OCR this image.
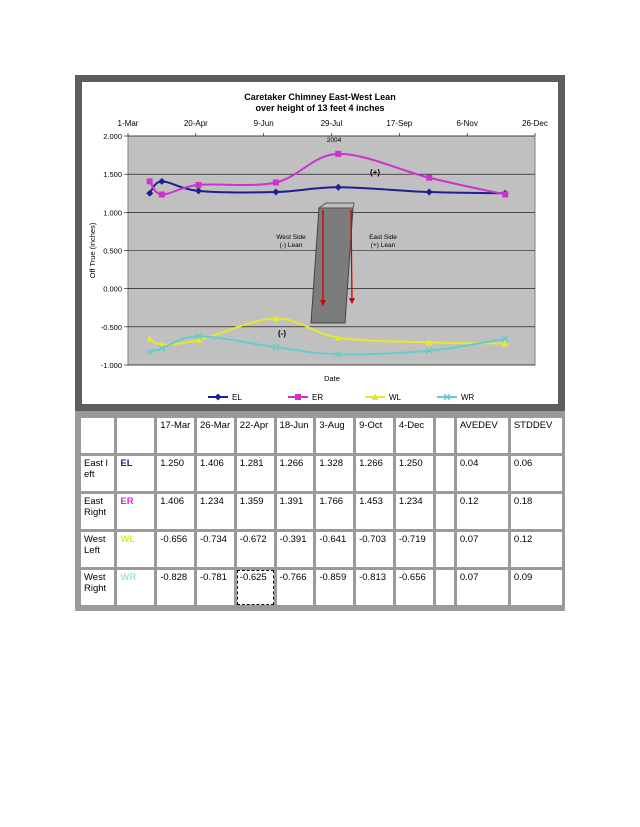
2.000
1.500
1.000
0.500
0.000
-0.500
-1.000
1-Mar	20-Apr	9-Jun	29-Jul	17-Sep	6-Nov	26-Dec
Caretaker Chimney East-West Lean
over height of 13 feet 4 inches
2004
Date
Off True (inches)	West Side
(-) Lean
East Side
(+) Lean
(+)
(-)
EL	ER	WL	WR
		17-Mar	26-Mar	22-Apr	18-Jun	3-Aug	9-Oct	4-Dec		AVEDEV	STDDEV
East left	EL	1.250	1.406	1.281	1.266	1.328	1.266	1.250		0.04	0.06
East Right	ER	1.406	1.234	1.359	1.391	1.766	1.453	1.234		0.12	0.18
West Left	WL	-0.656	-0.734	-0.672	-0.391	-0.641	-0.703	-0.719		0.07	0.12
West Right	WR	-0.828	-0.781	-0.625	-0.766	-0.859	-0.813	-0.656		0.07	0.09
